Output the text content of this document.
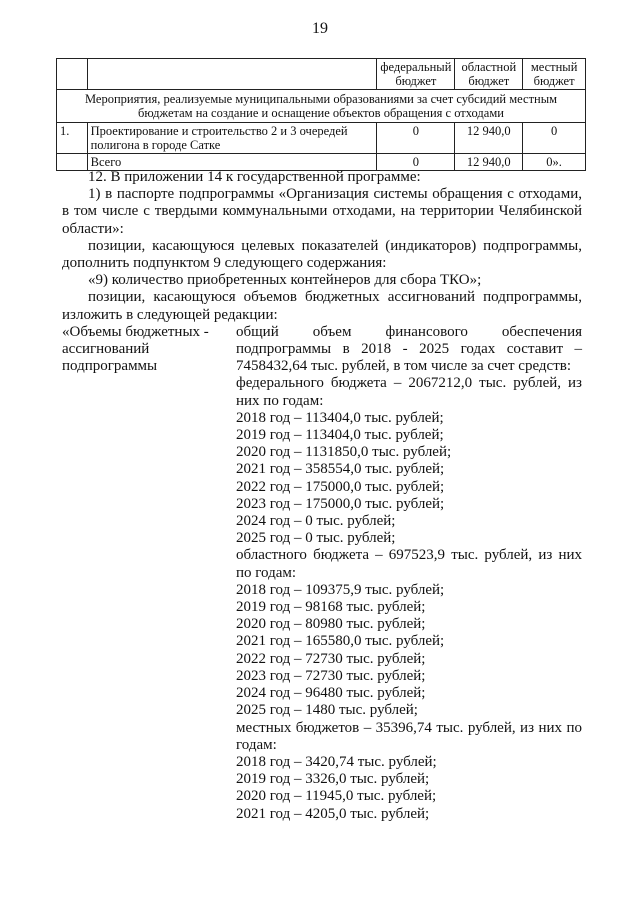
19
		федеральный бюджет	областной бюджет	местный бюджет
Мероприятия, реализуемые муниципальными образованиями за счет субсидий местным бюджетам на создание и оснащение объектов обращения с отходами				
1.	Проектирование и строительство 2 и 3 очередей полигона в городе Сатке	0	12 940,0	0
	Всего	0	12 940,0	0».

12. В приложении 14 к государственной программе:

1) в паспорте подпрограммы «Организация системы обращения с отходами, в том числе с твердыми коммунальными отходами, на территории Челябинской области»:

позиции, касающуюся целевых показателей (индикаторов) подпрограммы, дополнить подпунктом 9 следующего содержания:

«9) количество приобретенных контейнеров для сбора ТКО»;

позиции, касающуюся объемов бюджетных ассигнований подпрограммы, изложить в следующей редакции:

«Объемы бюджетных - ассигнований подпрограммы

общий объем финансового обеспечения подпрограммы в 2018 - 2025 годах составит – 7458432,64 тыс. рублей, в том числе за счет средств:

федерального бюджета – 2067212,0 тыс. рублей, из них по годам:

2018 год – 113404,0 тыс. рублей;

2019 год – 113404,0 тыс. рублей;

2020 год – 1131850,0 тыс. рублей;

2021 год – 358554,0 тыс. рублей;

2022 год – 175000,0 тыс. рублей;

2023 год – 175000,0 тыс. рублей;

2024 год – 0 тыс. рублей;

2025 год – 0 тыс. рублей;

областного бюджета – 697523,9 тыс. рублей, из них по годам:

2018 год – 109375,9 тыс. рублей;

2019 год – 98168 тыс. рублей;

2020 год – 80980 тыс. рублей;

2021 год – 165580,0 тыс. рублей;

2022 год – 72730 тыс. рублей;

2023 год – 72730 тыс. рублей;

2024 год – 96480 тыс. рублей;

2025 год – 1480 тыс. рублей;

местных бюджетов – 35396,74 тыс. рублей, из них по годам:

2018 год – 3420,74 тыс. рублей;

2019 год – 3326,0 тыс. рублей;

2020 год – 11945,0 тыс. рублей;

2021 год – 4205,0 тыс. рублей;
